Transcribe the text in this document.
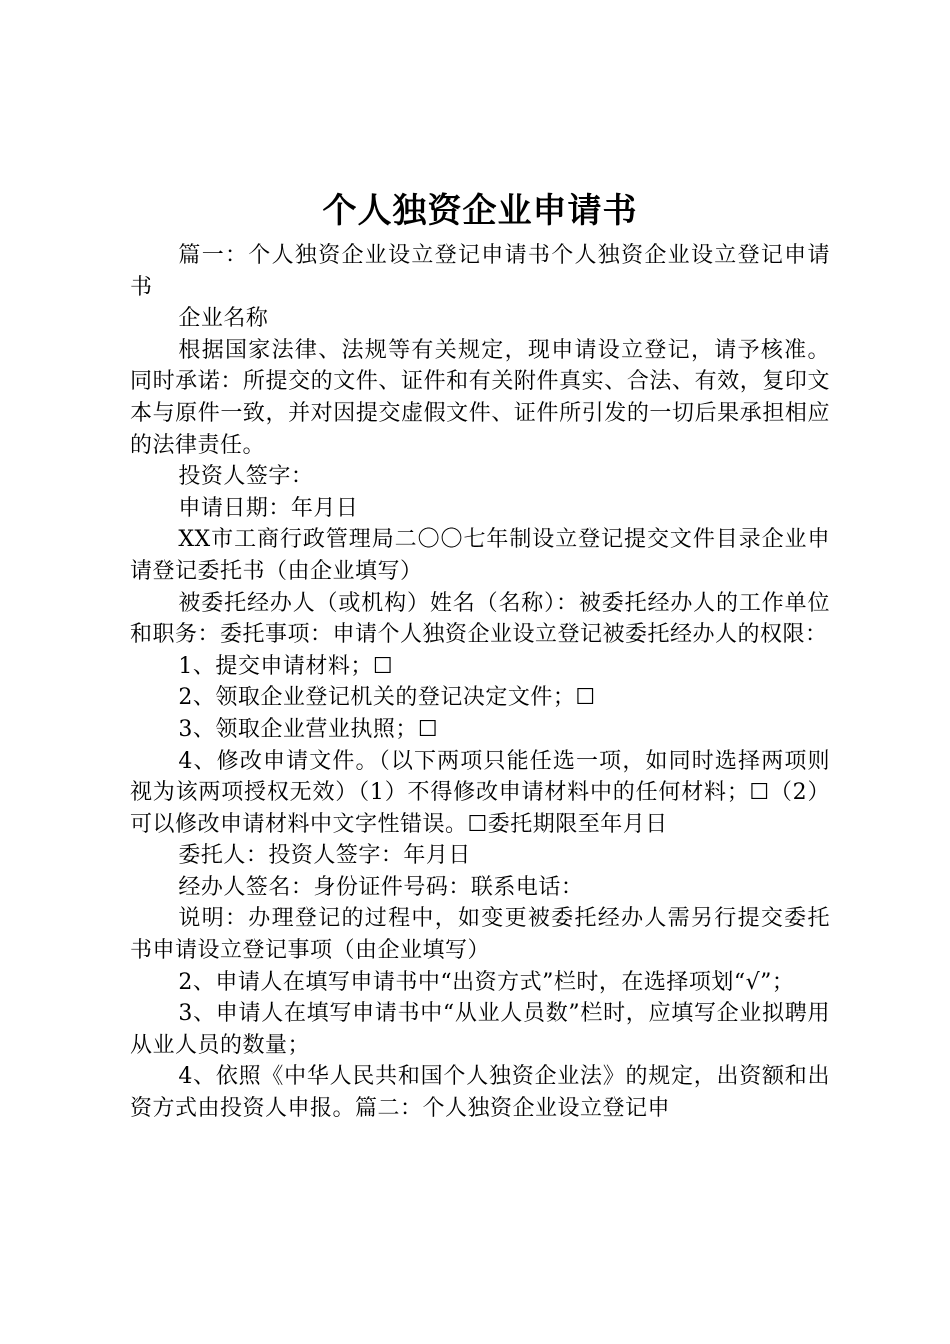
个人独资企业申请书

篇一：个人独资企业设立登记申请书个人独资企业设立登记申请书

企业名称

根据国家法律、法规等有关规定，现申请设立登记，请予核准。同时承诺：所提交的文件、证件和有关附件真实、合法、有效，复印文本与原件一致，并对因提交虚假文件、证件所引发的一切后果承担相应的法律责任。

投资人签字：

申请日期：年月日

XX市工商行政管理局二〇〇七年制设立登记提交文件目录企业申请登记委托书（由企业填写）

被委托经办人（或机构）姓名（名称）：被委托经办人的工作单位和职务：委托事项：申请个人独资企业设立登记被委托经办人的权限：

1、提交申请材料；☐

2、领取企业登记机关的登记决定文件；☐

3、领取企业营业执照；☐

4、修改申请文件。（以下两项只能任选一项，如同时选择两项则视为该两项授权无效）（1）不得修改申请材料中的任何材料；☐（2）可以修改申请材料中文字性错误。☐委托期限至年月日

委托人：投资人签字：年月日

经办人签名：身份证件号码：联系电话：

说明：办理登记的过程中，如变更被委托经办人需另行提交委托书申请设立登记事项（由企业填写）

2、申请人在填写申请书中“出资方式”栏时，在选择项划“√”；

3、申请人在填写申请书中“从业人员数”栏时，应填写企业拟聘用从业人员的数量；

4、依照《中华人民共和国个人独资企业法》的规定，出资额和出资方式由投资人申报。篇二：个人独资企业设立登记申
